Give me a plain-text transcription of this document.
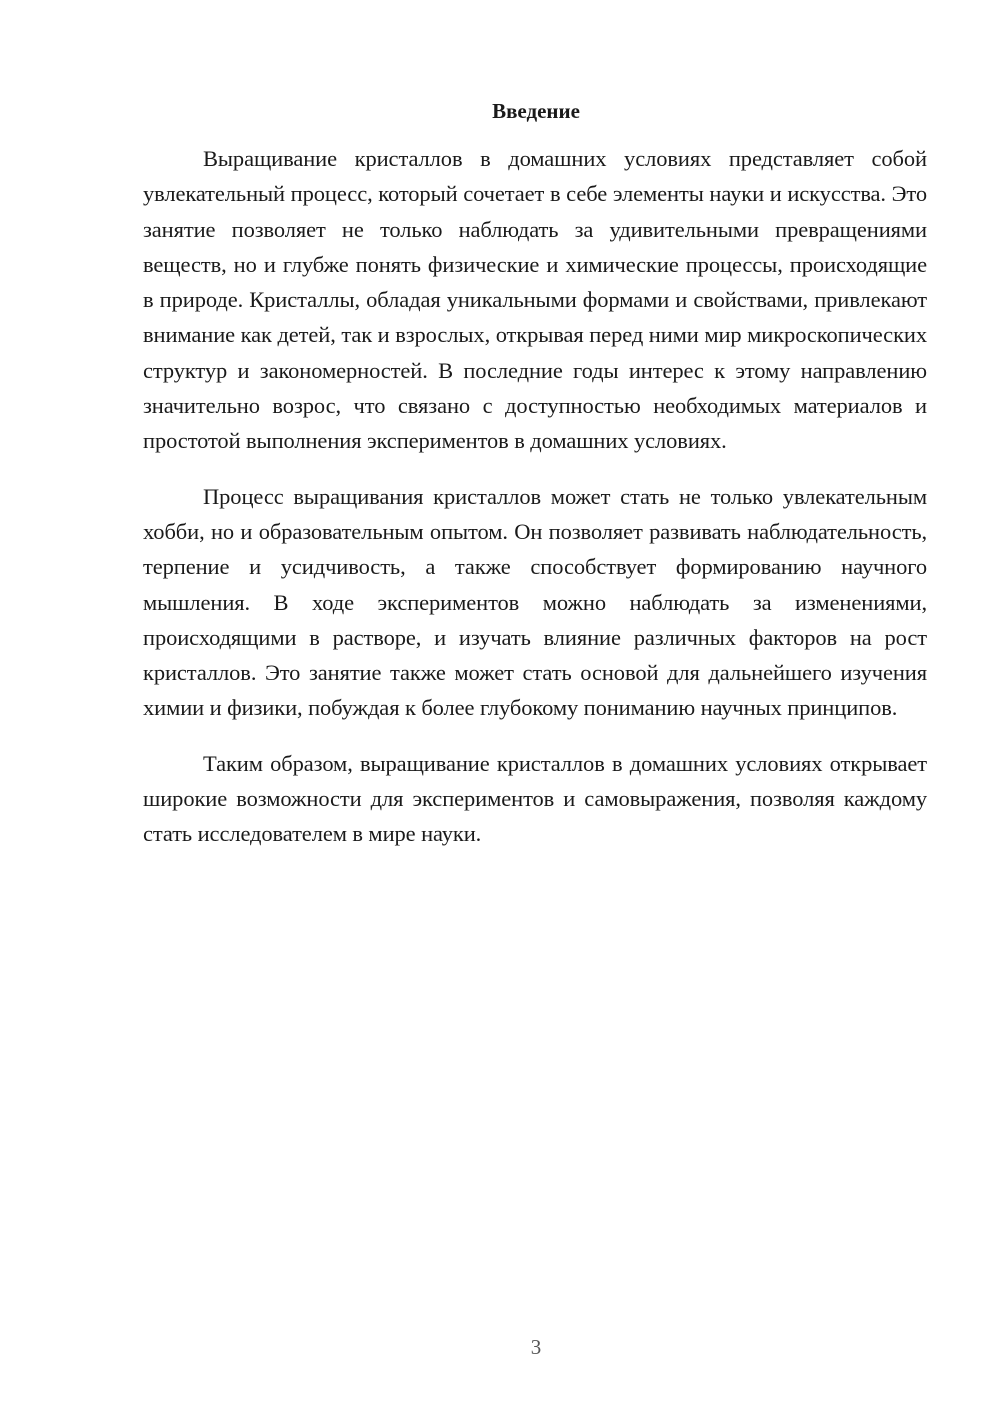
Введение

Выращивание кристаллов в домашних условиях представляет собой увлекательный процесс, который сочетает в себе элементы науки и искусства. Это занятие позволяет не только наблюдать за удивительными превращениями веществ, но и глубже понять физические и химические процессы, происходящие в природе. Кристаллы, обладая уникальными формами и свойствами, привлекают внимание как детей, так и взрослых, открывая перед ними мир микроскопических структур и закономерностей. В последние годы интерес к этому направлению значительно возрос, что связано с доступностью необходимых материалов и простотой выполнения экспериментов в домашних условиях.

Процесс выращивания кристаллов может стать не только увлекательным хобби, но и образовательным опытом. Он позволяет развивать наблюдательность, терпение и усидчивость, а также способствует формированию научного мышления. В ходе экспериментов можно наблюдать за изменениями, происходящими в растворе, и изучать влияние различных факторов на рост кристаллов. Это занятие также может стать основой для дальнейшего изучения химии и физики, побуждая к более глубокому пониманию научных принципов.

Таким образом, выращивание кристаллов в домашних условиях открывает широкие возможности для экспериментов и самовыражения, позволяя каждому стать исследователем в мире науки.

3
